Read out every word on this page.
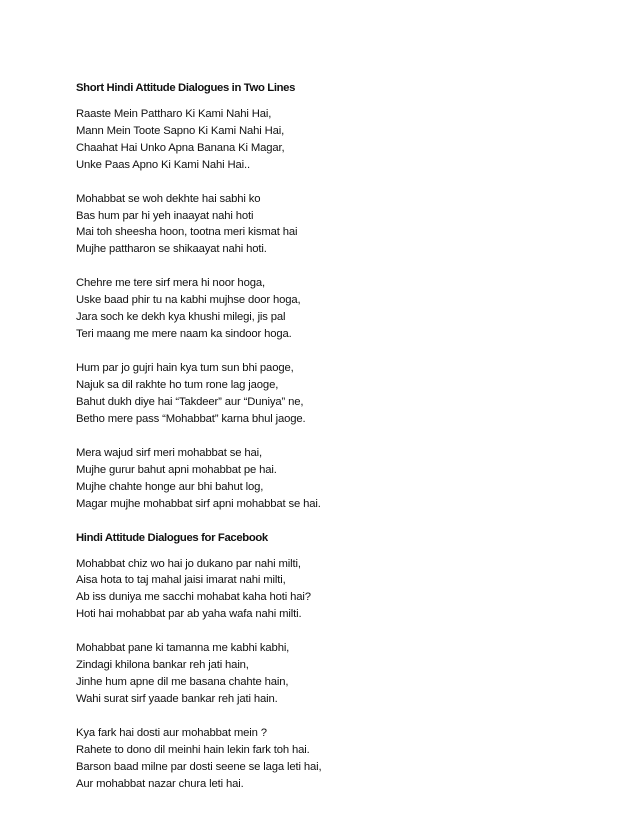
Short Hindi Attitude Dialogues in Two Lines
Raaste Mein Pattharo Ki Kami Nahi Hai,
Mann Mein Toote Sapno Ki Kami Nahi Hai,
Chaahat Hai Unko Apna Banana Ki Magar,
Unke Paas Apno Ki Kami Nahi Hai..
Mohabbat se woh dekhte hai sabhi ko
Bas hum par hi yeh inaayat nahi hoti
Mai toh sheesha hoon, tootna meri kismat hai
Mujhe pattharon se shikaayat nahi hoti.
Chehre me tere sirf mera hi noor hoga,
Uske baad phir tu na kabhi mujhse door hoga,
Jara soch ke dekh kya khushi milegi, jis pal
Teri maang me mere naam ka sindoor hoga.
Hum par jo gujri hain kya tum sun bhi paoge,
Najuk sa dil rakhte ho tum rone lag jaoge,
Bahut dukh diye hai “Takdeer” aur “Duniya” ne,
Betho mere pass “Mohabbat” karna bhul jaoge.
Mera wajud sirf meri mohabbat se hai,
Mujhe gurur bahut apni mohabbat pe hai.
Mujhe chahte honge aur bhi bahut log,
Magar mujhe mohabbat sirf apni mohabbat se hai.
Hindi Attitude Dialogues for Facebook
Mohabbat chiz wo hai jo dukano par nahi milti,
Aisa hota to taj mahal jaisi imarat nahi milti,
Ab iss duniya me sacchi mohabat kaha hoti hai?
Hoti hai mohabbat par ab yaha wafa nahi milti.
Mohabbat pane ki tamanna me kabhi kabhi,
Zindagi khilona bankar reh jati hain,
Jinhe hum apne dil me basana chahte hain,
Wahi surat sirf yaade bankar reh jati hain.
Kya fark hai dosti aur mohabbat mein ?
Rahete to dono dil meinhi hain lekin fark toh hai.
Barson baad milne par dosti seene se laga leti hai,
Aur mohabbat nazar chura leti hai.
